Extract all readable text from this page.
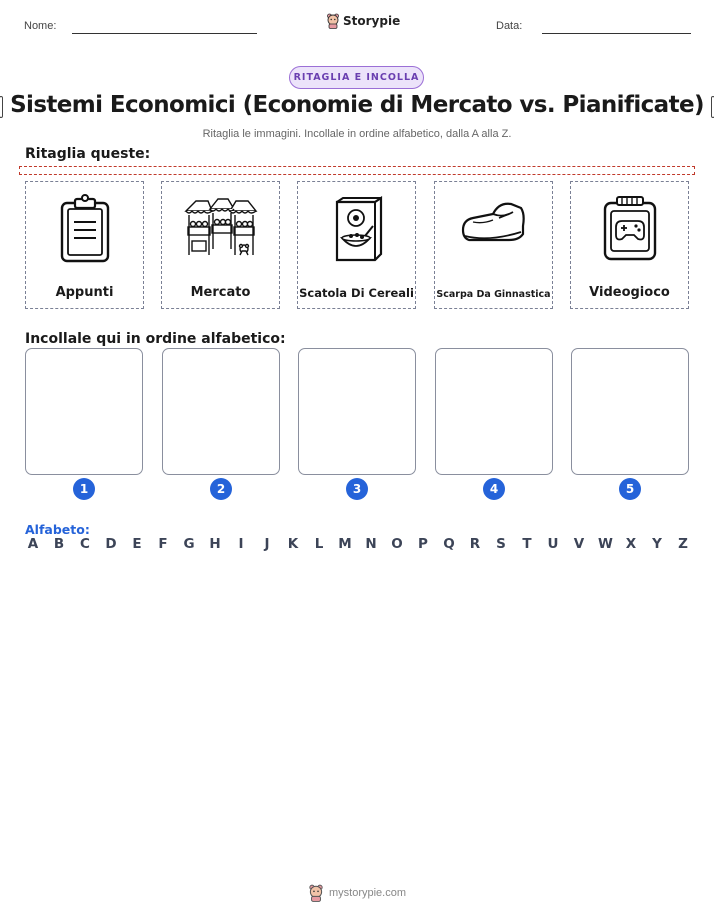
Nome:	Storypie	Data:
RITAGLIA E INCOLLA
Sistemi Economici (Economie di Mercato vs. Pianificate)
Ritaglia le immagini. Incollale in ordine alfabetico, dalla A alla Z.
Ritaglia queste:
Appunti	Mercato	Scatola Di Cereali Scarpa Da Ginnastica	Videogioco
Incollale qui in ordine alfabetico:
1	2	3	4	5
Alfabeto:
A B C D E F G H	I	J	K L M N O P Q R S T U V W X Y Z
mystorypie.com
